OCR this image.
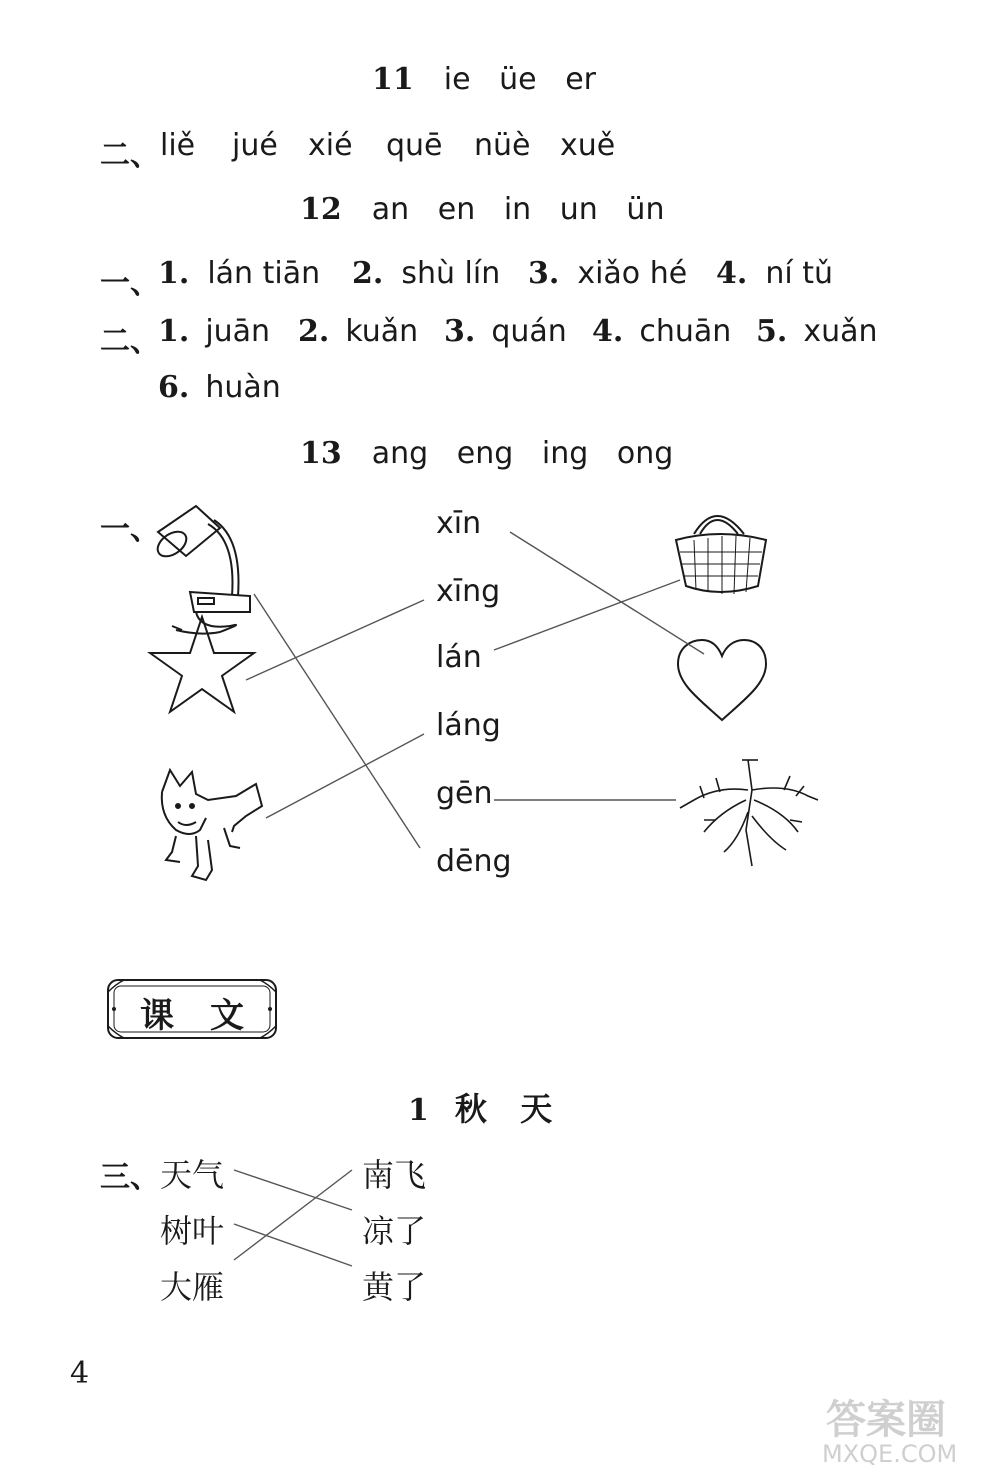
11 ie   üe   er
二、 liě jué xié quē nüè xuě
12 an   en   in   un   ün
一、
1. lán tiān 2. shù lín 3. xiǎo hé 4. ní tǔ
二、
1. juān 2. kuǎn 3. quán 4. chuān 5. xuǎn
6. huàn
13 ang   eng   ing   ong
一、	xīn
xīng
lán
láng
gēn
dēng
课文
1 秋   天
三、 天气
树叶
大雁
南飞
凉了
黄了
4
答案圈
MXQE.COM
